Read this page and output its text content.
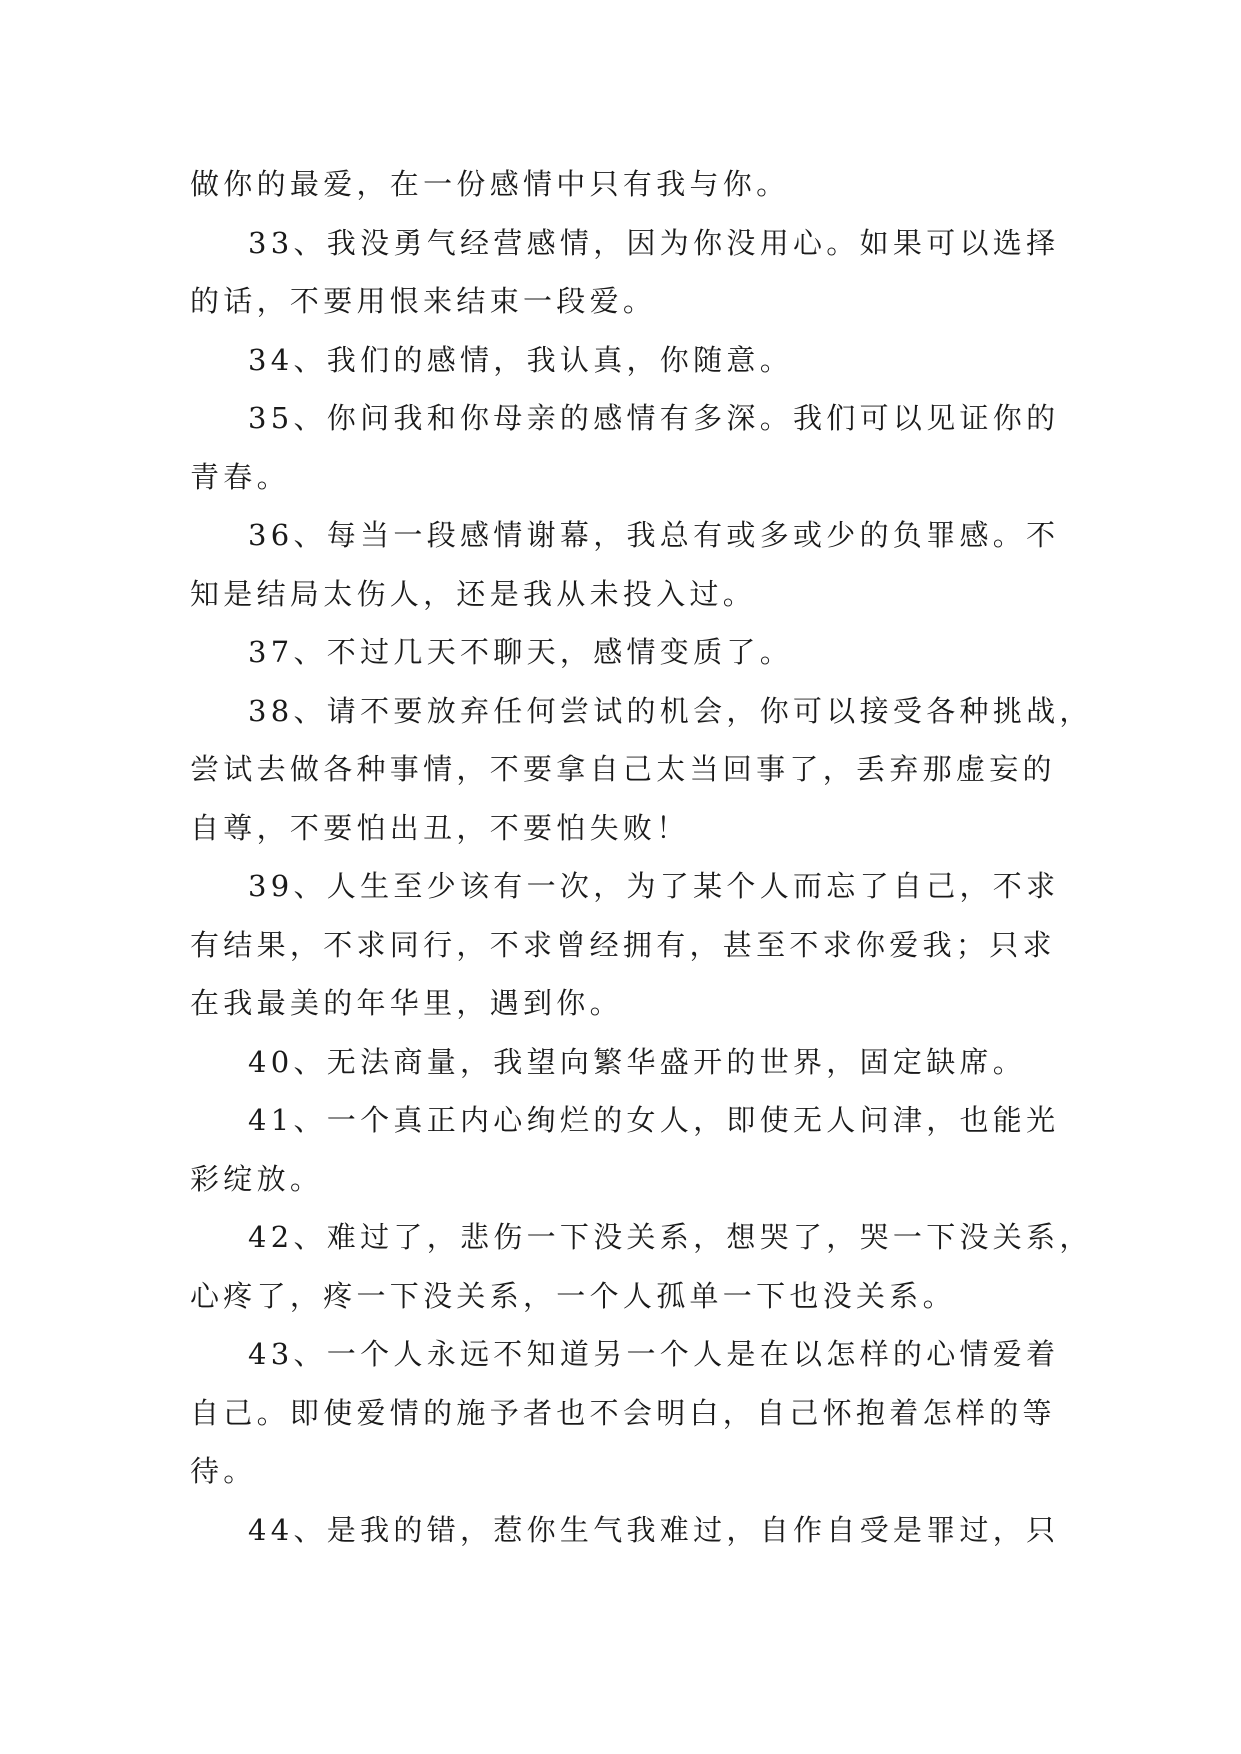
做你的最爱，在一份感情中只有我与你。
33、我没勇气经营感情，因为你没用心。如果可以选择
的话，不要用恨来结束一段爱。
34、我们的感情，我认真，你随意。
35、你问我和你母亲的感情有多深。我们可以见证你的
青春。
36、每当一段感情谢幕，我总有或多或少的负罪感。不
知是结局太伤人，还是我从未投入过。
37、不过几天不聊天，感情变质了。
38、请不要放弃任何尝试的机会，你可以接受各种挑战，
尝试去做各种事情，不要拿自己太当回事了，丢弃那虚妄的
自尊，不要怕出丑，不要怕失败！
39、人生至少该有一次，为了某个人而忘了自己，不求
有结果，不求同行，不求曾经拥有，甚至不求你爱我；只求
在我最美的年华里，遇到你。
40、无法商量，我望向繁华盛开的世界，固定缺席。
41、一个真正内心绚烂的女人，即使无人问津，也能光
彩绽放。
42、难过了，悲伤一下没关系，想哭了，哭一下没关系，
心疼了，疼一下没关系，一个人孤单一下也没关系。
43、一个人永远不知道另一个人是在以怎样的心情爱着
自己。即使爱情的施予者也不会明白，自己怀抱着怎样的等
待。
44、是我的错，惹你生气我难过，自作自受是罪过，只
